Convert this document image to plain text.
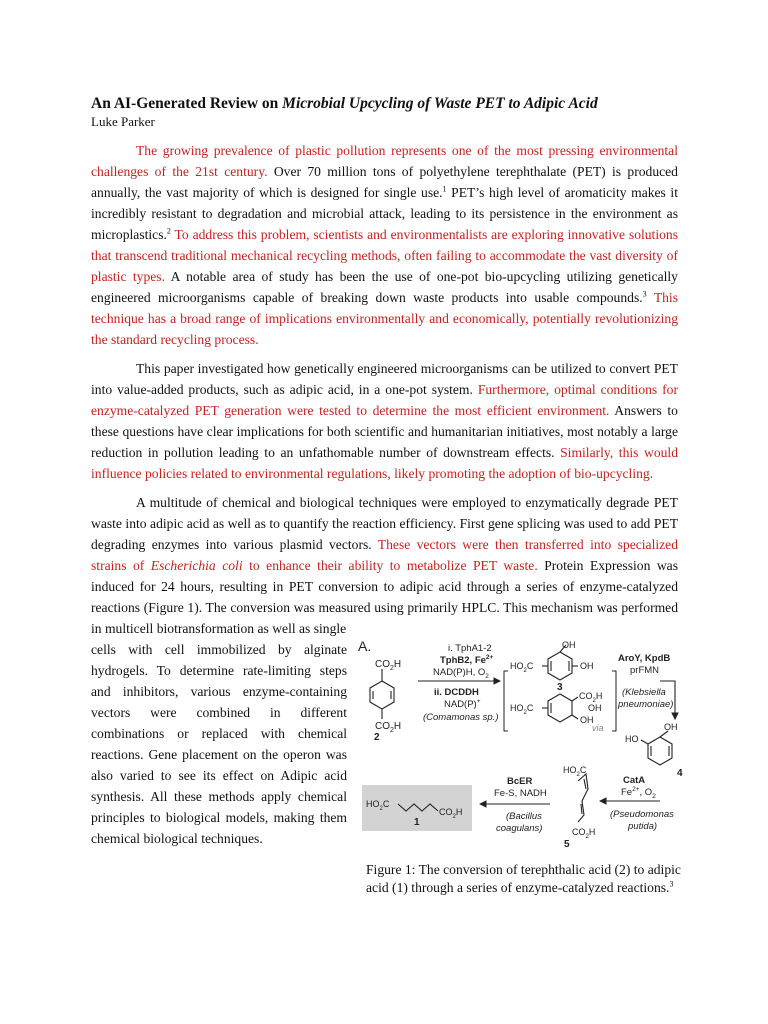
An AI-Generated Review on Microbial Upcycling of Waste PET to Adipic Acid
Luke Parker

The growing prevalence of plastic pollution represents one of the most pressing environmental challenges of the 21st century. Over 70 million tons of polyethylene terephthalate (PET) is produced annually, the vast majority of which is designed for single use.$^1$ PET’s high level of aromaticity makes it incredibly resistant to degradation and microbial attack, leading to its persistence in the environment as microplastics.$^2$ To address this problem, scientists and environmentalists are exploring innovative solutions that transcend traditional mechanical recycling methods, often failing to accommodate the vast diversity of plastic types. A notable area of study has been the use of one-pot bio-upcycling utilizing genetically engineered microorganisms capable of breaking down waste products into usable compounds.$^3$ This technique has a broad range of implications environmentally and economically, potentially revolutionizing the standard recycling process.

This paper investigated how genetically engineered microorganisms can be utilized to convert PET into value-added products, such as adipic acid, in a one-pot system. Furthermore, optimal conditions for enzyme-catalyzed PET generation were tested to determine the most efficient environment. Answers to these questions have clear implications for both scientific and humanitarian initiatives, most notably a large reduction in pollution leading to an unfathomable number of downstream effects. Similarly, this would influence policies related to environmental regulations, likely promoting the adoption of bio-upcycling.

A multitude of chemical and biological techniques were employed to enzymatically degrade PET waste into adipic acid as well as to quantify the reaction efficiency. First gene splicing was used to add PET degrading enzymes into various plasmid vectors. These vectors were then transferred into specialized strains of Escherichia coli to enhance their ability to metabolize PET waste. Protein Expression was induced for 24 hours, resulting in PET conversion to adipic acid through a series of enzyme-catalyzed reactions (Figure 1). The conversion was measured using primarily HPLC. This mechanism was performed in multicell biotransformation as well as single

cells with cell immobilized by alginate hydrogels. To determine rate-limiting steps and inhibitors, various enzyme-containing vectors were combined in different combinations or replaced with chemical reactions. Gene placement on the operon was also varied to see its effect on Adipic acid synthesis. All these methods apply chemical principles to biological models, making them chemical biological techniques.

A.
$CO_2H$
$CO_2H$
2
i. TphA1-2
TphB2, $Fe^{2+}$
NAD(P)H, $O_2$
ii. DCDDH
NAD(P)+
(Comamonas sp.)
OH
OH
$HO_2C$
3
$HO_2C$
$CO_2H$
OH
OH
via
AroY, KpdB
prFMN
(Klebsiella
pneumoniae)
OH
HO
4
CatA
$Fe^{2+}$, $O_2$
(Pseudomonas
putida)
$HO_2C$
$CO_2H$
5
BcER
Fe-S, NADH
(Bacillus
coagulans)
$HO_2C$
$CO_2H$
1
Figure 1: The conversion of terephthalic acid (2) to adipic acid (1) through a series of enzyme-catalyzed reactions.$^3$
